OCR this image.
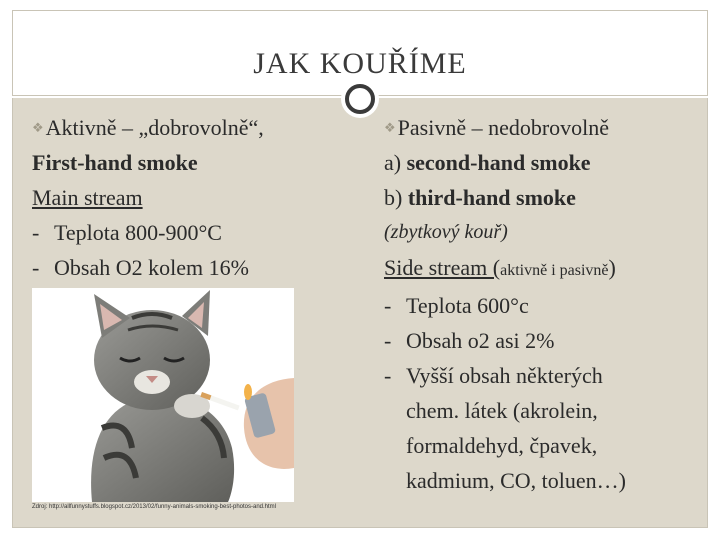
JAK KOUŘÍME
❖Aktivně – „dobrovolně“,
First-hand smoke
Main stream
- Teplota 800-900°C
- Obsah O2 kolem 16%
Zdroj: http://allfunnystuffs.blogspot.cz/2013/02/funny-animals-smoking-best-photos-and.html
❖Pasivně – nedobrovolně
a) second-hand smoke
b) third-hand smoke
(zbytkový kouř)
Side stream (aktivně i pasivně)
- Teplota 600°c
- Obsah o2 asi 2%
- Vyšší obsah některých
chem. látek (akrolein,
formaldehyd, čpavek,
kadmium, CO, toluen…)
